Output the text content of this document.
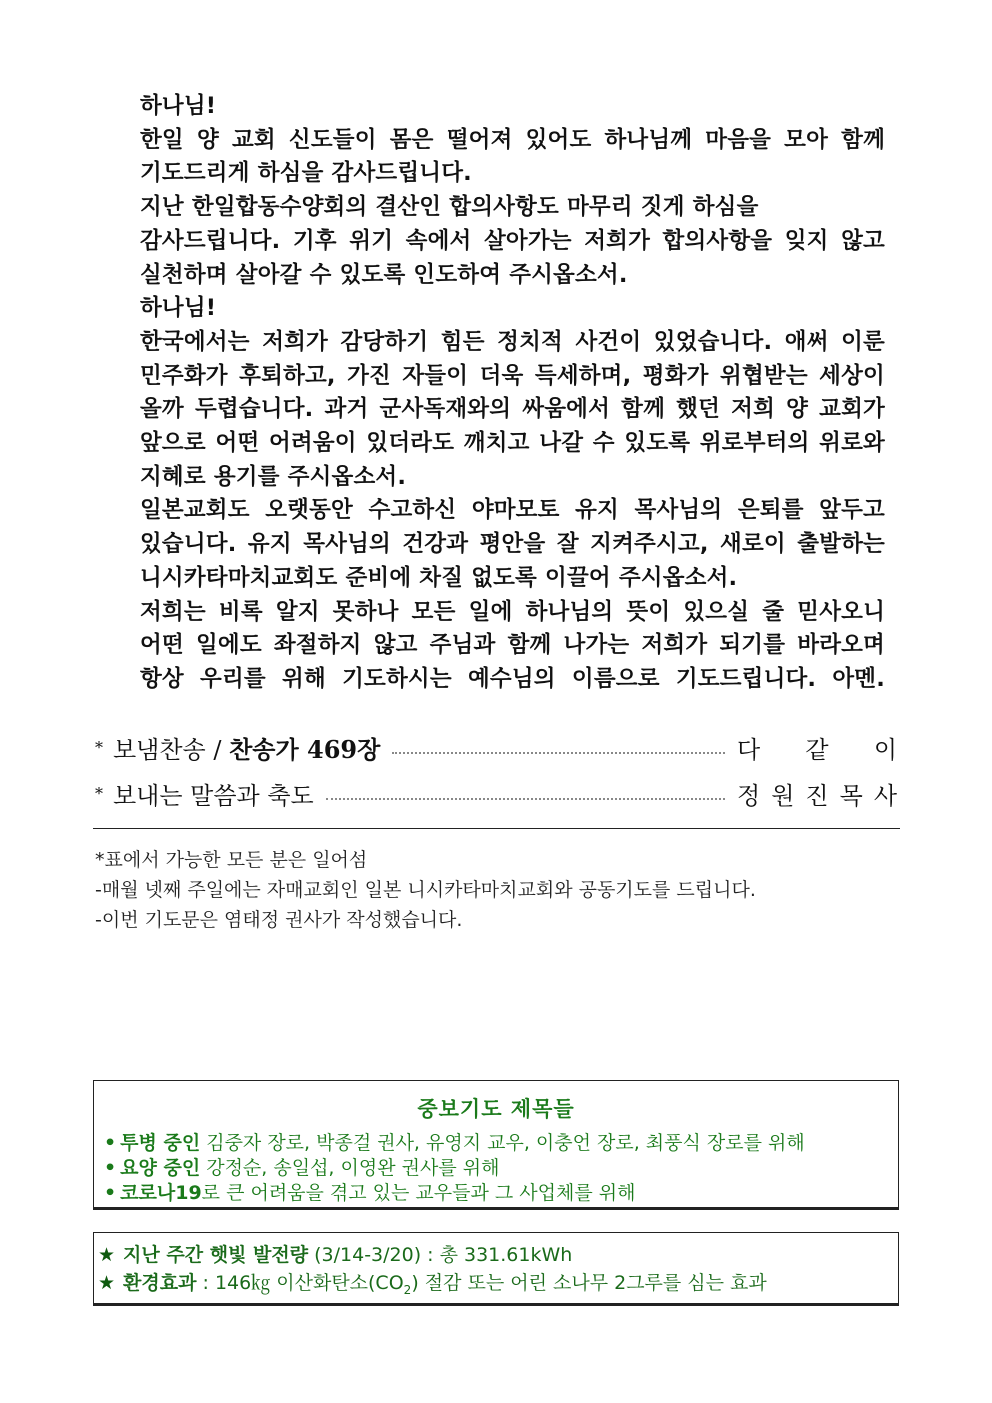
하나님!
한일 양 교회 신도들이 몸은 떨어져 있어도 하나님께 마음을 모아 함께
기도드리게 하심을 감사드립니다.
지난 한일합동수양회의 결산인 합의사항도 마무리 짓게 하심을
감사드립니다. 기후 위기 속에서 살아가는 저희가 합의사항을 잊지 않고
실천하며 살아갈 수 있도록 인도하여 주시옵소서.
하나님!
한국에서는 저희가 감당하기 힘든 정치적 사건이 있었습니다. 애써 이룬
민주화가 후퇴하고, 가진 자들이 더욱 득세하며, 평화가 위협받는 세상이
올까 두렵습니다. 과거 군사독재와의 싸움에서 함께 했던 저희 양 교회가
앞으로 어떤 어려움이 있더라도 깨치고 나갈 수 있도록 위로부터의 위로와
지혜로 용기를 주시옵소서.
일본교회도 오랫동안 수고하신 야마모토 유지 목사님의 은퇴를 앞두고
있습니다. 유지 목사님의 건강과 평안을 잘 지켜주시고, 새로이 출발하는
니시카타마치교회도 준비에 차질 없도록 이끌어 주시옵소서.
저희는 비록 알지 못하나 모든 일에 하나님의 뜻이 있으실 줄 믿사오니
어떤 일에도 좌절하지 않고 주님과 함께 나가는 저희가 되기를 바라오며
항상 우리를 위해 기도하시는 예수님의 이름으로 기도드립니다. 아멘.
* 보냄찬송 / 찬송가 469장	다 같 이
* 보내는 말씀과 축도	정 원 진 목 사
*표에서 가능한 모든 분은 일어섬
-매월 넷째 주일에는 자매교회인 일본 니시카타마치교회와 공동기도를 드립니다.
-이번 기도문은 염태정 권사가 작성했습니다.
중보기도 제목들
• 투병 중인 김중자 장로, 박종걸 권사, 유영지 교우, 이충언 장로, 최풍식 장로를 위해
• 요양 중인 강정순, 송일섭, 이영완 권사를 위해
• 코로나19로 큰 어려움을 겪고 있는 교우들과 그 사업체를 위해
★ 지난 주간 햇빛 발전량 (3/14-3/20) : 총 331.61kWh
★ 환경효과 : 146㎏ 이산화탄소$(CO_2)$ 절감 또는 어린 소나무 2그루를 심는 효과
